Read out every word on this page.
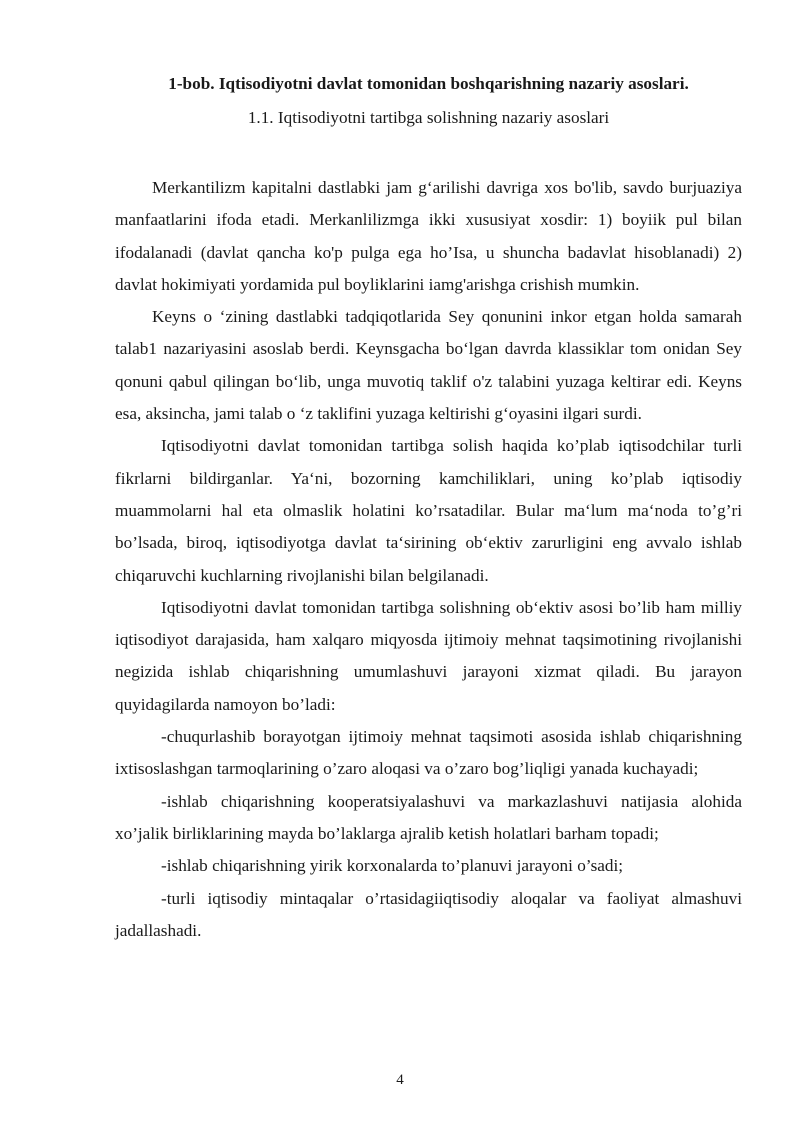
1-bob. Iqtisodiyotni davlat tomonidan boshqarishning nazariy asoslari.
1.1. Iqtisodiyotni tartibga solishning nazariy asoslari

Merkantilizm kapitalni dastlabki jam g‘arilishi davriga xos bo'lib, savdo burjuaziya manfaatlarini ifoda etadi. Merkanlilizmga ikki xususiyat xosdir: 1) boyiik pul bilan ifodalanadi (davlat qancha ko'p pulga ega ho’Isa, u shuncha badavlat hisoblanadi) 2) davlat hokimiyati yordamida pul boyliklarini iamg'arishga crishish mumkin.

Keyns o ‘zining dastlabki tadqiqotlarida Sey qonunini inkor etgan holda samarah talab1 nazariyasini asoslab berdi. Keynsgacha bo‘lgan davrda klassiklar tom onidan Sey qonuni qabul qilingan bo‘lib, unga muvotiq taklif o'z talabini yuzaga keltirar edi. Keyns esa, aksincha, jami talab o ‘z taklifini yuzaga keltirishi g‘oyasini ilgari surdi.

Iqtisodiyotni davlat tomonidan tartibga solish haqida ko’plab iqtisodchilar turli fikrlarni bildirganlar. Ya‘ni, bozorning kamchiliklari, uning ko’plab iqtisodiy muammolarni hal eta olmaslik holatini ko’rsatadilar. Bular ma‘lum ma‘noda to’g’ri bo’lsada, biroq, iqtisodiyotga davlat ta‘sirining ob‘ektiv zarurligini eng avvalo ishlab chiqaruvchi kuchlarning rivojlanishi bilan belgilanadi.

Iqtisodiyotni davlat tomonidan tartibga solishning ob‘ektiv asosi bo’lib ham milliy iqtisodiyot darajasida, ham xalqaro miqyosda ijtimoiy mehnat taqsimotining rivojlanishi negizida ishlab chiqarishning umumlashuvi jarayoni xizmat qiladi. Bu jarayon quyidagilarda namoyon bo’ladi:

-chuqurlashib borayotgan ijtimoiy mehnat taqsimoti asosida ishlab chiqarishning ixtisoslashgan tarmoqlarining o’zaro aloqasi va o’zaro bog’liqligi yanada kuchayadi;

-ishlab chiqarishning kooperatsiyalashuvi va markazlashuvi natijasia alohida xo’jalik birliklarining mayda bo’laklarga ajralib ketish holatlari barham topadi;

-ishlab chiqarishning yirik korxonalarda to’planuvi jarayoni o’sadi;

-turli iqtisodiy mintaqalar o’rtasidagiiqtisodiy aloqalar va faoliyat almashuvi jadallashadi.

4
